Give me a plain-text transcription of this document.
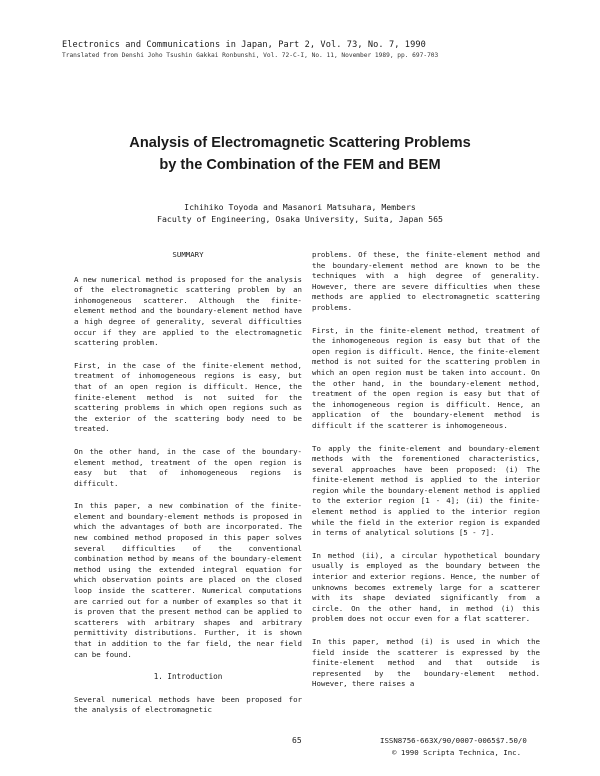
Electronics and Communications in Japan, Part 2, Vol. 73, No. 7, 1990
Translated from Denshi Joho Tsushin Gakkai Ronbunshi, Vol. 72-C-I, No. 11, November 1989, pp. 697-703
Analysis of Electromagnetic Scattering Problems
by the Combination of the FEM and BEM
Ichihiko Toyoda and Masanori Matsuhara, Members
Faculty of Engineering, Osaka University, Suita, Japan 565
SUMMARY

A new numerical method is proposed for the analysis of the electromagnetic scattering problem by an inhomogeneous scatterer. Although the finite-element method and the boundary-element method have a high degree of generality, several difficulties occur if they are applied to the electromagnetic scattering problem.

First, in the case of the finite-element method, treatment of inhomogeneous regions is easy, but that of an open region is difficult. Hence, the finite-element method is not suited for the scattering problems in which open regions such as the exterior of the scattering body need to be treated.

On the other hand, in the case of the boundary-element method, treatment of the open region is easy but that of inhomogeneous regions is difficult.

In this paper, a new combination of the finite-element and boundary-element methods is proposed in which the advantages of both are incorporated. The new combined method proposed in this paper solves several difficulties of the conventional combination method by means of the boundary-element method using the extended integral equation for which observation points are placed on the closed loop inside the scatterer. Numerical computations are carried out for a number of examples so that it is proven that the present method can be applied to scatterers with arbitrary shapes and arbitrary permittivity distributions. Further, it is shown that in addition to the far field, the near field can be found.

1. Introduction

Several numerical methods have been proposed for the analysis of electromagnetic

problems. Of these, the finite-element method and the boundary-element method are known to be the techniques with a high degree of generality. However, there are severe difficulties when these methods are applied to electromagnetic scattering problems.

First, in the finite-element method, treatment of the inhomogeneous region is easy but that of the open region is difficult. Hence, the finite-element method is not suited for the scattering problem in which an open region must be taken into account. On the other hand, in the boundary-element method, treatment of the open region is easy but that of the inhomogeneous region is difficult. Hence, an application of the boundary-element method is difficult if the scatterer is inhomogeneous.

To apply the finite-element and boundary-element methods with the forementioned characteristics, several approaches have been proposed: (i) The finite-element method is applied to the interior region while the boundary-element method is applied to the exterior region [1 - 4]; (ii) the finite-element method is applied to the interior region while the field in the exterior region is expanded in terms of analytical solutions [5 - 7].

In method (ii), a circular hypothetical boundary usually is employed as the boundary between the interior and exterior regions. Hence, the number of unknowns becomes extremely large for a scatterer with its shape deviated significantly from a circle. On the other hand, in method (i) this problem does not occur even for a flat scatterer.

In this paper, method (i) is used in which the field inside the scatterer is expressed by the finite-element method and that outside is represented by the boundary-element method. However, there raises a

65	ISSN8756-663X/90/0007-0065$7.50/0
© 1990 Scripta Technica, Inc.
